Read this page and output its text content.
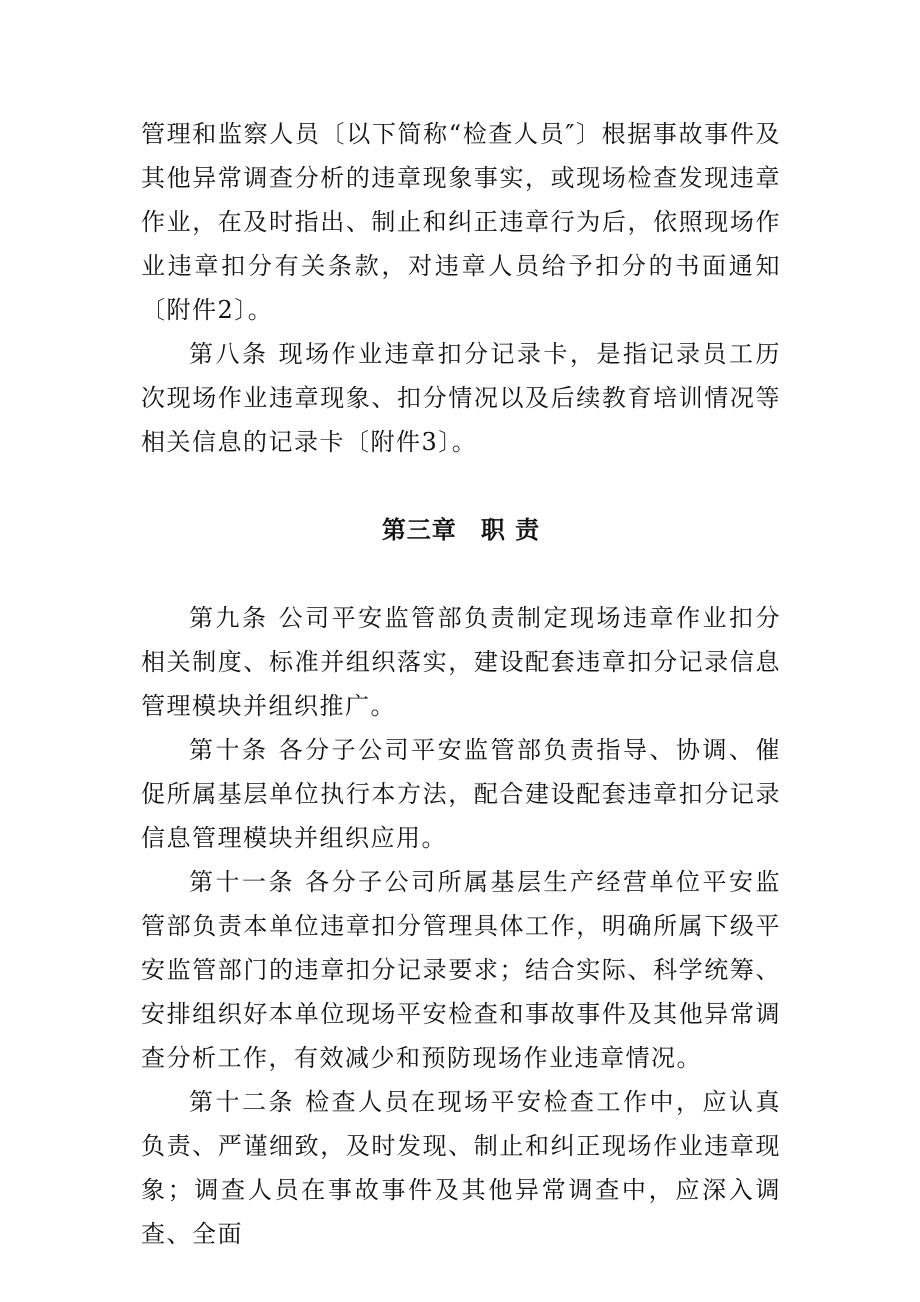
管理和监察人员〔以下简称“检查人员″〕根据事故事件及其他异常调查分析的违章现象事实，或现场检查发现违章作业，在及时指出、制止和纠正违章行为后，依照现场作业违章扣分有关条款，对违章人员给予扣分的书面通知〔附件2〕。

第八条 现场作业违章扣分记录卡，是指记录员工历次现场作业违章现象、扣分情况以及后续教育培训情况等相关信息的记录卡〔附件3〕。

第三章 职 责

第九条 公司平安监管部负责制定现场违章作业扣分相关制度、标准并组织落实，建设配套违章扣分记录信息管理模块并组织推广。

第十条 各分子公司平安监管部负责指导、协调、催促所属基层单位执行本方法，配合建设配套违章扣分记录信息管理模块并组织应用。

第十一条 各分子公司所属基层生产经营单位平安监管部负责本单位违章扣分管理具体工作，明确所属下级平安监管部门的违章扣分记录要求；结合实际、科学统筹、安排组织好本单位现场平安检查和事故事件及其他异常调查分析工作，有效减少和预防现场作业违章情况。

第十二条 检查人员在现场平安检查工作中，应认真负责、严谨细致，及时发现、制止和纠正现场作业违章现象；调查人员在事故事件及其他异常调查中，应深入调查、全面
